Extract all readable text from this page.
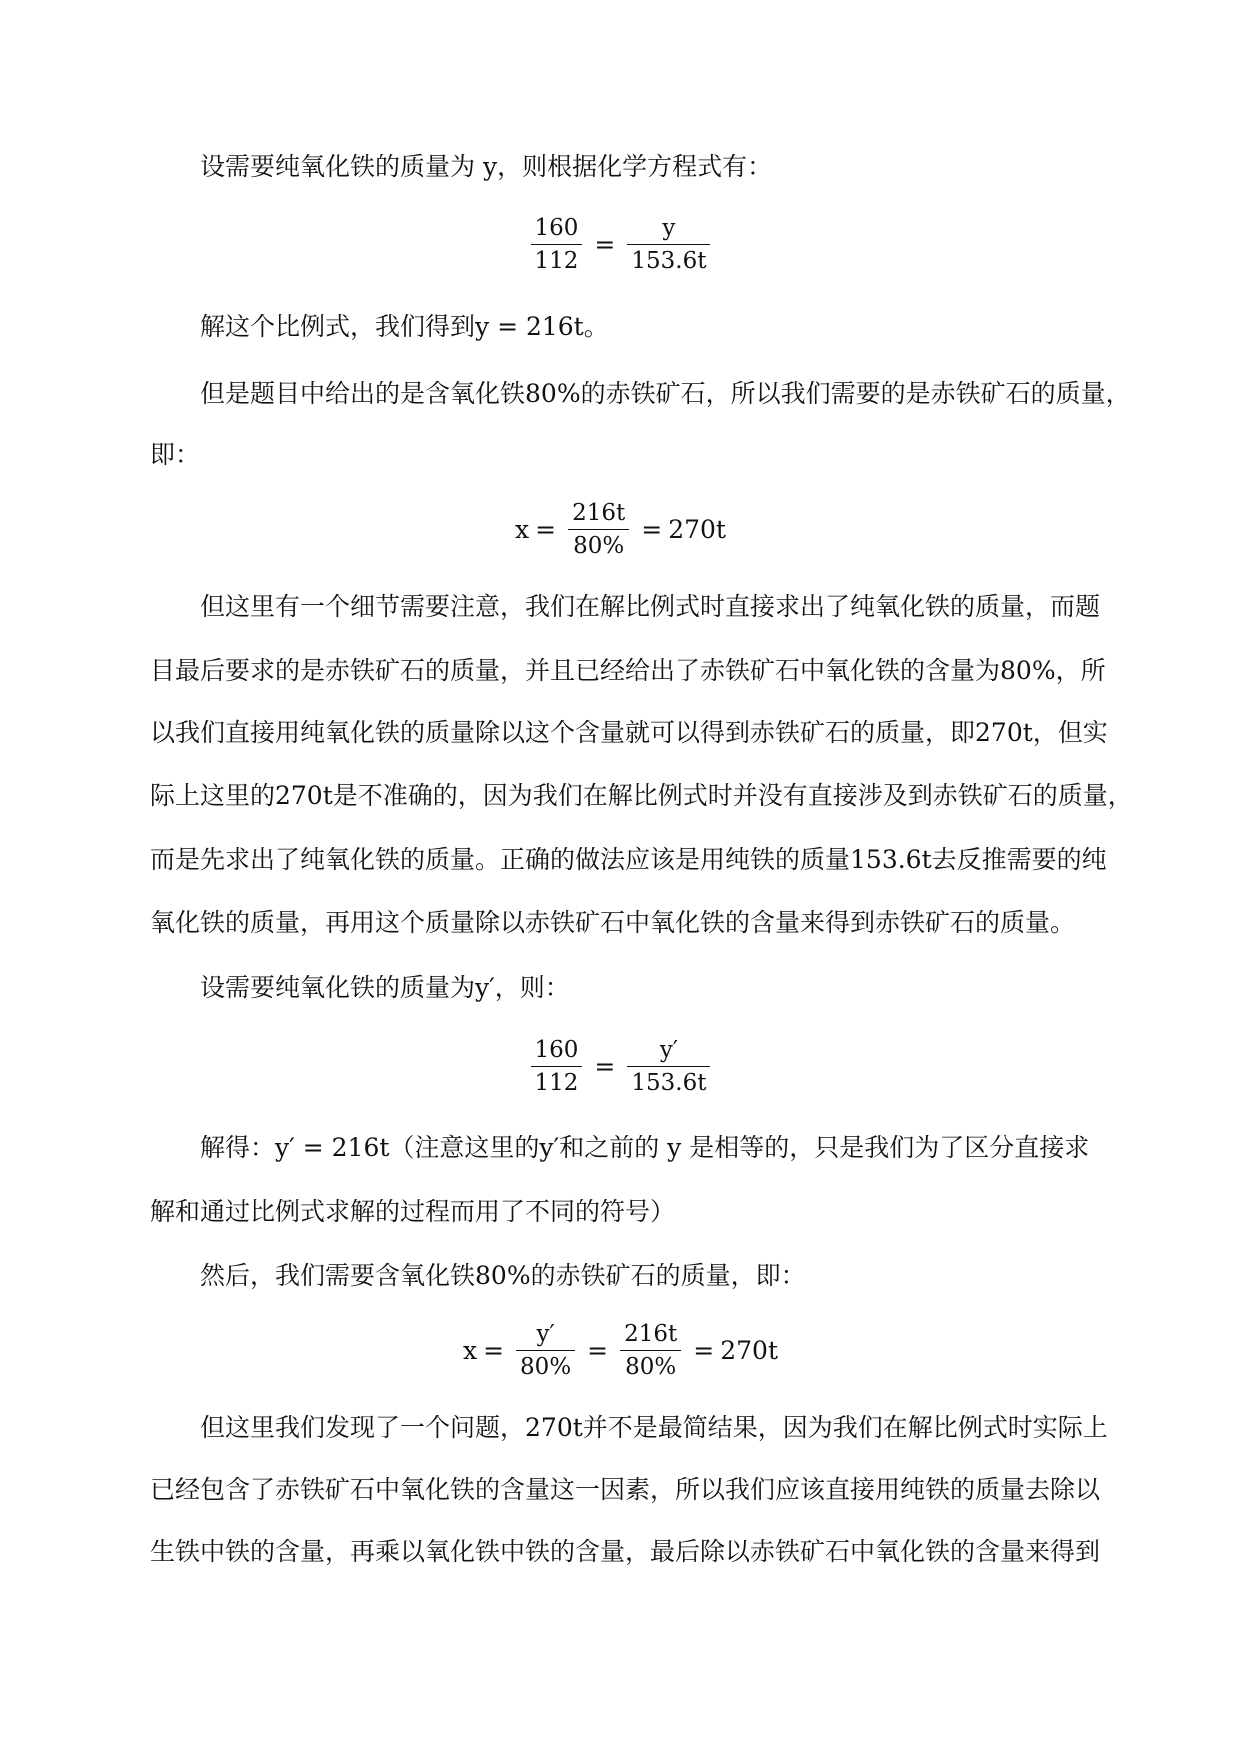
设需要纯氧化铁的质量为 y，则根据化学方程式有：

$\frac{160}{112} = \frac{y}{153.6t}$

解这个比例式，我们得到y = 216t。

但是题目中给出的是含氧化铁80%的赤铁矿石，所以我们需要的是赤铁矿石的质量，

即：

$x = \frac{216t}{80\%} = 270t$

但这里有一个细节需要注意，我们在解比例式时直接求出了纯氧化铁的质量，而题

目最后要求的是赤铁矿石的质量，并且已经给出了赤铁矿石中氧化铁的含量为80%，所

以我们直接用纯氧化铁的质量除以这个含量就可以得到赤铁矿石的质量，即270t，但实

际上这里的270t是不准确的，因为我们在解比例式时并没有直接涉及到赤铁矿石的质量，

而是先求出了纯氧化铁的质量。正确的做法应该是用纯铁的质量153.6t去反推需要的纯

氧化铁的质量，再用这个质量除以赤铁矿石中氧化铁的含量来得到赤铁矿石的质量。

设需要纯氧化铁的质量为y′，则：

$\frac{160}{112} = \frac{y'}{153.6t}$

解得：y′ = 216t（注意这里的y′和之前的 y 是相等的，只是我们为了区分直接求

解和通过比例式求解的过程而用了不同的符号）

然后，我们需要含氧化铁80%的赤铁矿石的质量，即：

$x = \frac{y'}{80\%} = \frac{216t}{80\%} = 270t$

但这里我们发现了一个问题，270t并不是最简结果，因为我们在解比例式时实际上

已经包含了赤铁矿石中氧化铁的含量这一因素，所以我们应该直接用纯铁的质量去除以

生铁中铁的含量，再乘以氧化铁中铁的含量，最后除以赤铁矿石中氧化铁的含量来得到
